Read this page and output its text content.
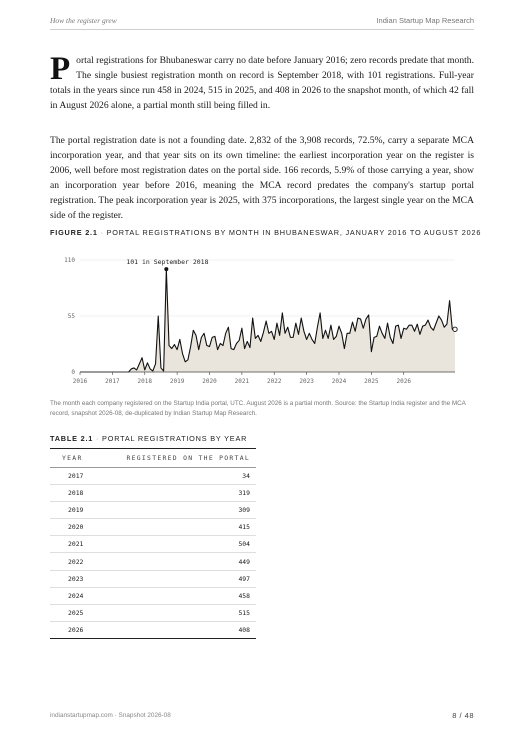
How the register grew	Indian Startup Map Research

Portal registrations for Bhubaneswar carry no date before January 2016; zero records predate that month. The single busiest registration month on record is September 2018, with 101 registrations. Full-year totals in the years since run 458 in 2024, 515 in 2025, and 408 in 2026 to the snapshot month, of which 42 fall in August 2026 alone, a partial month still being filled in.

The portal registration date is not a founding date. 2,832 of the 3,908 records, 72.5%, carry a separate MCA incorporation year, and that year sits on its own timeline: the earliest incorporation year on the register is 2006, well before most registration dates on the portal side. 166 records, 5.9% of those carrying a year, show an incorporation year before 2016, meaning the MCA record predates the company's startup portal registration. The peak incorporation year is 2025, with 375 incorporations, the largest single year on the MCA side of the register.

FIGURE 2.1 · PORTAL REGISTRATIONS BY MONTH IN BHUBANESWAR, JANUARY 2016 TO AUGUST 2026
0
55
110
2016	2017	2018	2019	2020	2021	2022	2023	2024	2025	2026
101 in September 2018

The month each company registered on the Startup India portal, UTC. August 2026 is a partial month. Source: the Startup India register and the MCA record, snapshot 2026-08, de-duplicated by Indian Startup Map Research.

TABLE 2.1 · PORTAL REGISTRATIONS BY YEAR
YEAR	REGISTERED ON THE PORTAL
2017	34
2018	319
2019	309
2020	415
2021	504
2022	449
2023	497
2024	458
2025	515
2026	408
indianstartupmap.com · Snapshot 2026-08	8 / 48
